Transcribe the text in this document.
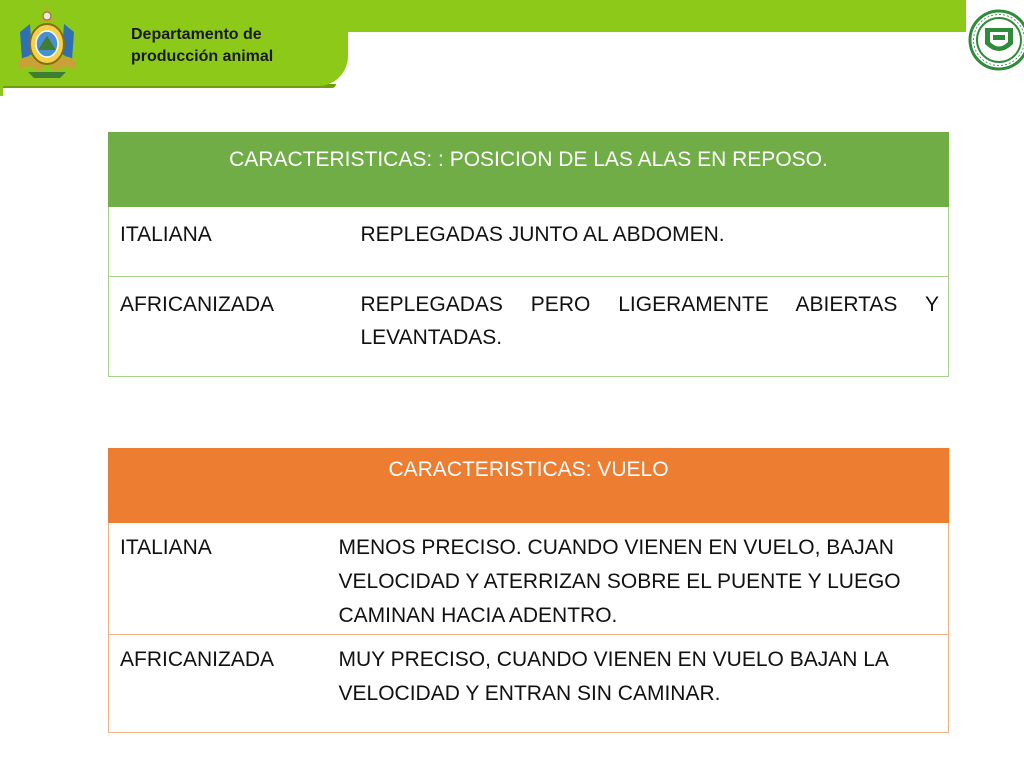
Departamento de
producción animal
CARACTERISTICAS: : POSICION DE LAS ALAS EN REPOSO.	
ITALIANA	REPLEGADAS JUNTO AL ABDOMEN.
AFRICANIZADA	REPLEGADAS PERO LIGERAMENTE ABIERTAS Y LEVANTADAS.
CARACTERISTICAS: VUELO	
ITALIANA	MENOS PRECISO. CUANDO VIENEN EN VUELO, BAJAN VELOCIDAD Y ATERRIZAN SOBRE EL PUENTE Y LUEGO CAMINAN HACIA ADENTRO.
AFRICANIZADA	MUY PRECISO, CUANDO VIENEN EN VUELO BAJAN LA VELOCIDAD Y ENTRAN SIN CAMINAR.
